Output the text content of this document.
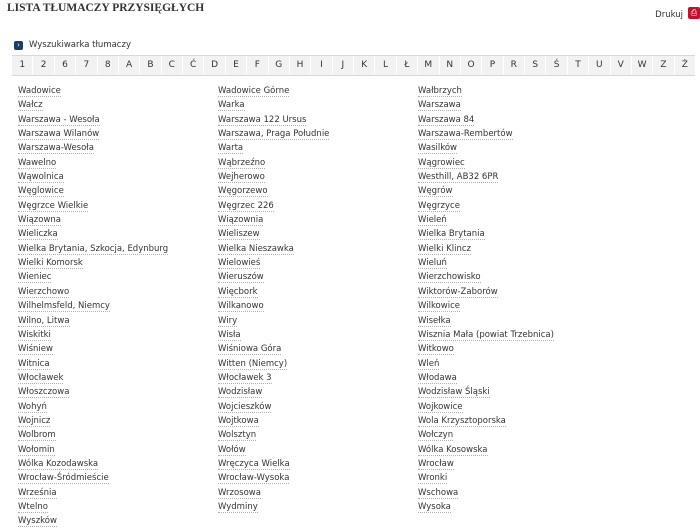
LISTA TŁUMACZY PRZYSIĘGŁYCH
Drukuj ⎙
›	Wyszukiwarka tłumaczy
1	2	6	7	8	A	B	C	Ć	D	E	F	G	H	I	J	K	L	Ł	M	N	O	P	R	S	Ś	T	U	V	W	Z	Ż
Wadowice
Wałcz
Warszawa - Wesoła
Warszawa Wilanów
Warszawa-Wesoła
Wawelno
Wąwolnica
Węglowice
Węgrzce Wielkie
Wiązowna
Wieliczka
Wielka Brytania, Szkocja, Edynburg
Wielki Komorsk
Wieniec
Wierzchowo
Wilhelmsfeld, Niemcy
Wilno, Litwa
Wiskitki
Wiśniew
Witnica
Włocławek
Włoszczowa
Wohyń
Wojnicz
Wolbrom
Wołomin
Wólka Kozodawska
Wrocław-Śródmieście
Września
Wtelno
Wyszków
Wadowice Górne
Warka
Warszawa 122 Ursus
Warszawa, Praga Południe
Warta
Wąbrzeźno
Wejherowo
Węgorzewo
Węgrzec 226
Wiązownia
Wieliszew
Wielka Nieszawka
Wielowieś
Wieruszów
Więcbork
Wilkanowo
Wiry
Wisła
Wiśniowa Góra
Witten (Niemcy)
Włocławek 3
Wodzisław
Wojcieszków
Wojtkowa
Wolsztyn
Wołów
Wręczyca Wielka
Wrocław-Wysoka
Wrzosowa
Wydminy
Wałbrzych
Warszawa
Warszawa 84
Warszawa-Rembertów
Wasilków
Wągrowiec
Westhill, AB32 6PR
Węgrów
Węgrzyce
Wieleń
Wielka Brytania
Wielki Klincz
Wieluń
Wierzchowisko
Wiktorów-Zaborów
Wilkowice
Wisełka
Wisznia Mała (powiat Trzebnica)
Witkowo
Wleń
Włodawa
Wodzisław Śląski
Wojkowice
Wola Krzysztoporska
Wołczyn
Wólka Kosowska
Wrocław
Wronki
Wschowa
Wysoka
